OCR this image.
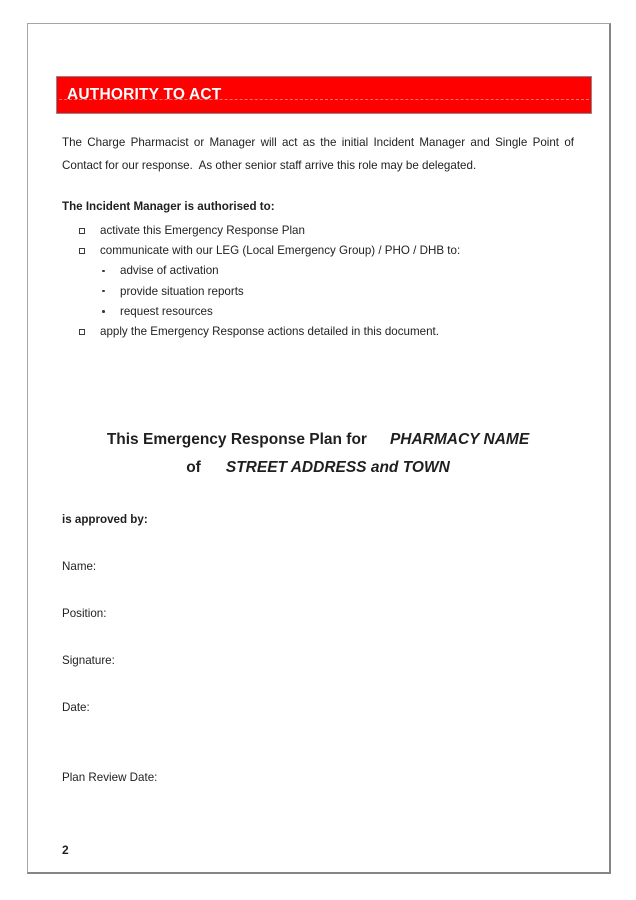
AUTHORITY TO ACT
The Charge Pharmacist or Manager will act as the initial Incident Manager and Single Point of
Contact for our response.  As other senior staff arrive this role may be delegated.
The Incident Manager is authorised to:
activate this Emergency Response Plan
communicate with our LEG (Local Emergency Group) / PHO / DHB to:
advise of activation
provide situation reports
request resources
apply the Emergency Response actions detailed in this document.
This Emergency Response Plan for PHARMACY NAME
of STREET ADDRESS and TOWN
is approved by:
Name:
Position:
Signature:
Date:
Plan Review Date:
2
